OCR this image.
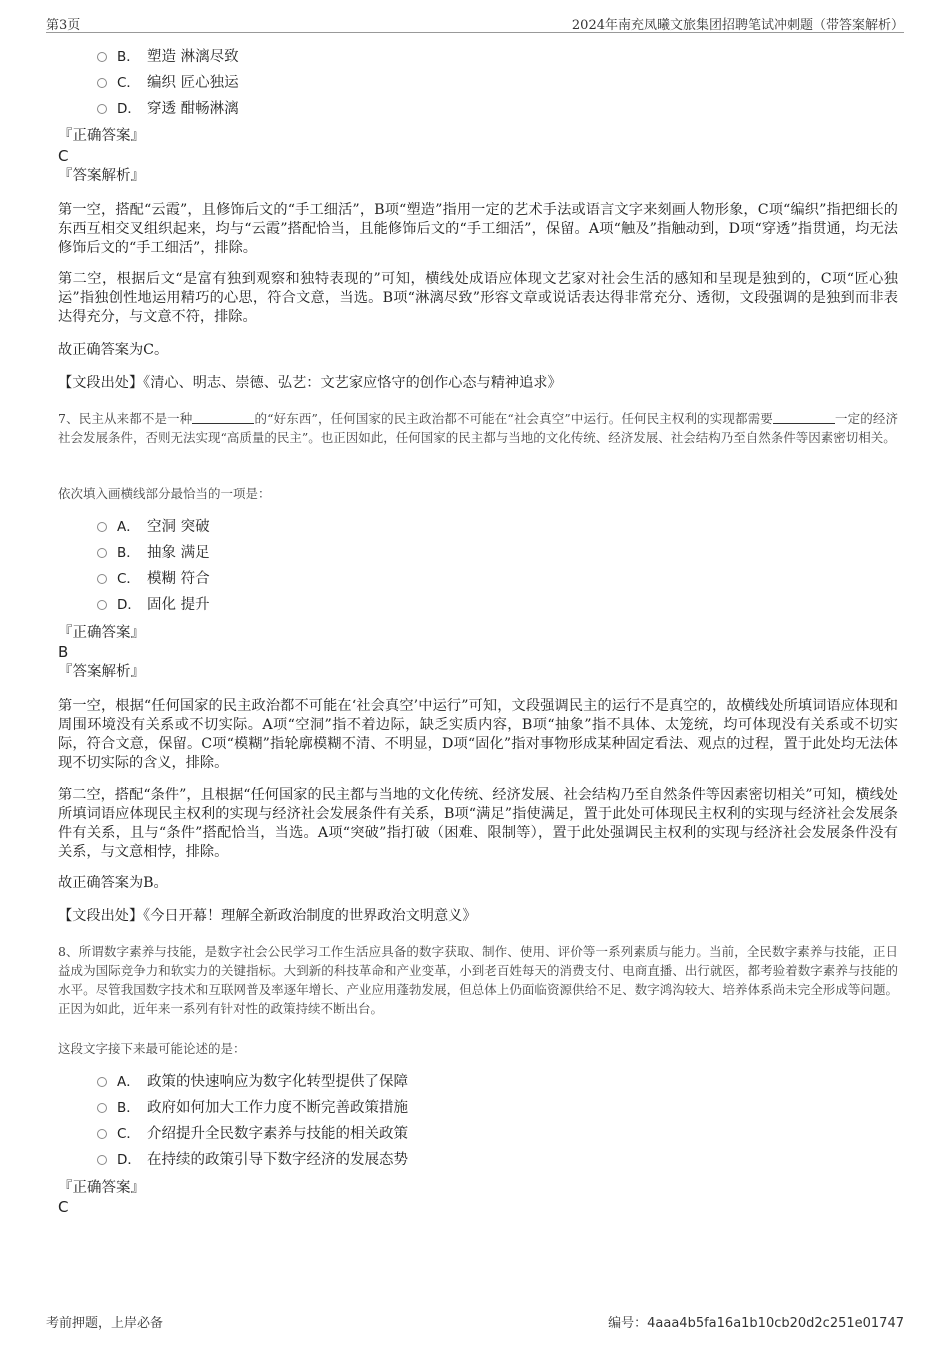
第3页	2024年南充凤曦文旅集团招聘笔试冲刺题（带答案解析）
B． 塑造 淋漓尽致
C． 编织 匠心独运
D． 穿透 酣畅淋漓
『正确答案』
C
『答案解析』
第一空，搭配“云霞”，且修饰后文的“手工细活”，B项“塑造”指用一定的艺术手法或语言文字来刻画人物形象，C项“编织”指把细长的东西互相交叉组织起来，均与“云霞”搭配恰当，且能修饰后文的“手工细活”，保留。A项“触及”指触动到，D项“穿透”指贯通，均无法修饰后文的“手工细活”，排除。
第二空，根据后文“是富有独到观察和独特表现的”可知，横线处成语应体现文艺家对社会生活的感知和呈现是独到的，C项“匠心独运”指独创性地运用精巧的心思，符合文意，当选。B项“淋漓尽致”形容文章或说话表达得非常充分、透彻，文段强调的是独到而非表达得充分，与文意不符，排除。
故正确答案为C。
【文段出处】《清心、明志、崇德、弘艺：文艺家应恪守的创作心态与精神追求》
7、民主从来都不是一种	的“好东西”，任何国家的民主政治都不可能在“社会真空”中运行。任何民主权利的实现都需要	一定的经济社会发展条件，否则无法实现“高质量的民主”。也正因如此，任何国家的民主都与当地的文化传统、经济发展、社会结构乃至自然条件等因素密切相关。
依次填入画横线部分最恰当的一项是：
A． 空洞 突破
B． 抽象 满足
C． 模糊 符合
D． 固化 提升
『正确答案』
B
『答案解析』
第一空，根据“任何国家的民主政治都不可能在‘社会真空’中运行”可知，文段强调民主的运行不是真空的，故横线处所填词语应体现和周围环境没有关系或不切实际。A项“空洞”指不着边际，缺乏实质内容，B项“抽象”指不具体、太笼统，均可体现没有关系或不切实际，符合文意，保留。C项“模糊”指轮廓模糊不清、不明显，D项“固化”指对事物形成某种固定看法、观点的过程，置于此处均无法体现不切实际的含义，排除。
第二空，搭配“条件”，且根据“任何国家的民主都与当地的文化传统、经济发展、社会结构乃至自然条件等因素密切相关”可知，横线处所填词语应体现民主权利的实现与经济社会发展条件有关系，B项“满足”指使满足，置于此处可体现民主权利的实现与经济社会发展条件有关系，且与“条件”搭配恰当，当选。A项“突破”指打破（困难、限制等），置于此处强调民主权利的实现与经济社会发展条件没有关系，与文意相悖，排除。
故正确答案为B。
【文段出处】《今日开幕！理解全新政治制度的世界政治文明意义》
8、所谓数字素养与技能，是数字社会公民学习工作生活应具备的数字获取、制作、使用、评价等一系列素质与能力。当前，全民数字素养与技能，正日益成为国际竞争力和软实力的关键指标。大到新的科技革命和产业变革，小到老百姓每天的消费支付、电商直播、出行就医，都考验着数字素养与技能的水平。尽管我国数字技术和互联网普及率逐年增长、产业应用蓬勃发展，但总体上仍面临资源供给不足、数字鸿沟较大、培养体系尚未完全形成等问题。正因为如此，近年来一系列有针对性的政策持续不断出台。
这段文字接下来最可能论述的是：
A． 政策的快速响应为数字化转型提供了保障
B． 政府如何加大工作力度不断完善政策措施
C． 介绍提升全民数字素养与技能的相关政策
D． 在持续的政策引导下数字经济的发展态势
『正确答案』
C
考前押题，上岸必备	编号：4aaa4b5fa16a1b10cb20d2c251e01747
